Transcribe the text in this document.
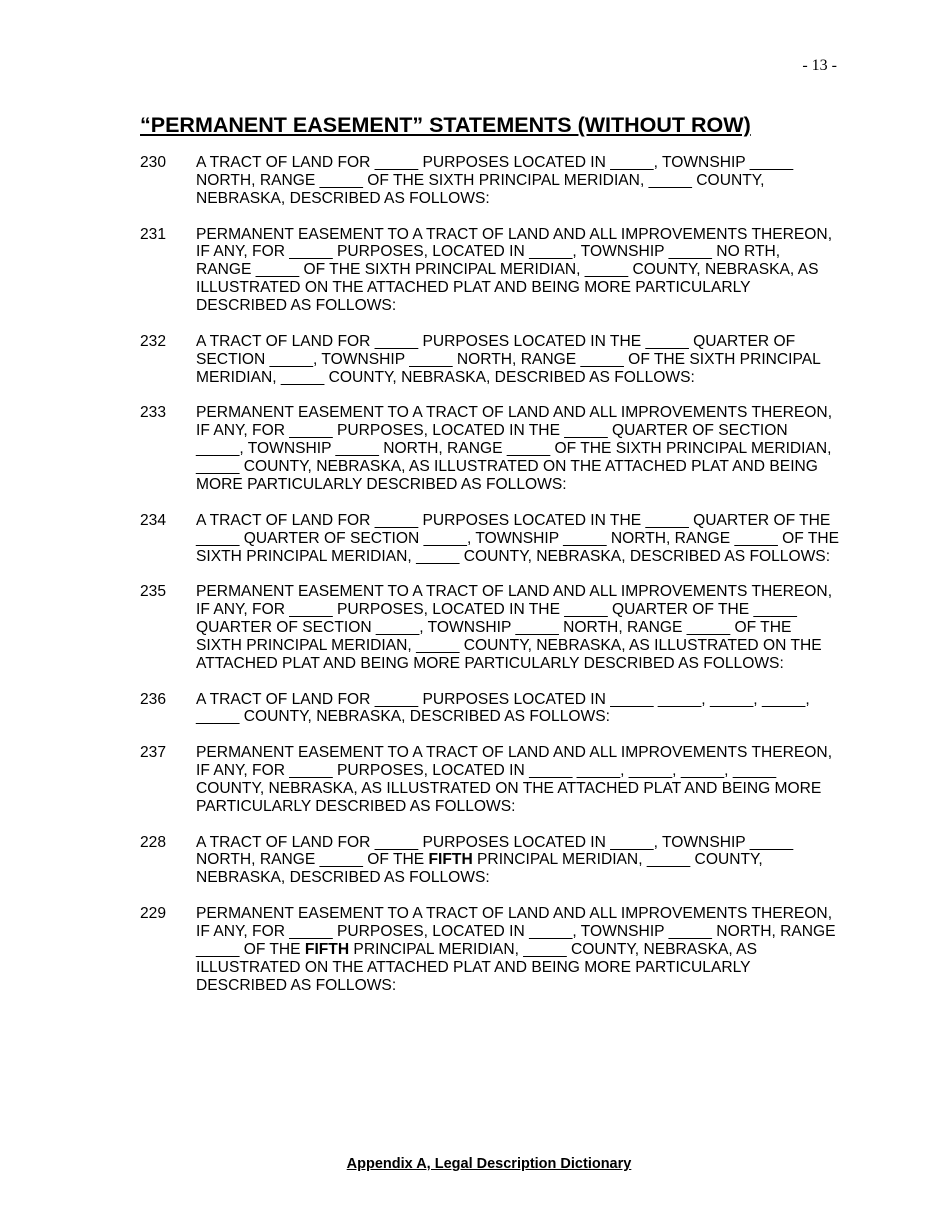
- 13 -
“PERMANENT EASEMENT” STATEMENTS (WITHOUT ROW)
230	A TRACT OF LAND FOR _____ PURPOSES LOCATED IN _____, TOWNSHIP _____
NORTH, RANGE _____ OF THE SIXTH PRINCIPAL MERIDIAN, _____ COUNTY,
NEBRASKA, DESCRIBED AS FOLLOWS:
231	PERMANENT EASEMENT TO A TRACT OF LAND AND ALL IMPROVEMENTS THEREON,
IF ANY, FOR _____ PURPOSES, LOCATED IN _____, TOWNSHIP _____ NO RTH,
RANGE _____ OF THE SIXTH PRINCIPAL MERIDIAN, _____ COUNTY, NEBRASKA, AS
ILLUSTRATED ON THE ATTACHED PLAT AND BEING MORE PARTICULARLY
DESCRIBED AS FOLLOWS:
232	A TRACT OF LAND FOR _____ PURPOSES LOCATED IN THE _____ QUARTER OF
SECTION _____, TOWNSHIP _____ NORTH, RANGE _____ OF THE SIXTH PRINCIPAL
MERIDIAN, _____ COUNTY, NEBRASKA, DESCRIBED AS FOLLOWS:
233	PERMANENT EASEMENT TO A TRACT OF LAND AND ALL IMPROVEMENTS THEREON,
IF ANY, FOR _____ PURPOSES, LOCATED IN THE _____ QUARTER OF SECTION
_____, TOWNSHIP _____ NORTH, RANGE _____ OF THE SIXTH PRINCIPAL MERIDIAN,
_____ COUNTY, NEBRASKA, AS ILLUSTRATED ON THE ATTACHED PLAT AND BEING
MORE PARTICULARLY DESCRIBED AS FOLLOWS:
234	A TRACT OF LAND FOR _____ PURPOSES LOCATED IN THE _____ QUARTER OF THE
_____ QUARTER OF SECTION _____, TOWNSHIP _____ NORTH, RANGE _____ OF THE
SIXTH PRINCIPAL MERIDIAN, _____ COUNTY, NEBRASKA, DESCRIBED AS FOLLOWS:
235	PERMANENT EASEMENT TO A TRACT OF LAND AND ALL IMPROVEMENTS THEREON,
IF ANY, FOR _____ PURPOSES, LOCATED IN THE _____ QUARTER OF THE _____
QUARTER OF SECTION _____, TOWNSHIP _____ NORTH, RANGE _____ OF THE
SIXTH PRINCIPAL MERIDIAN, _____ COUNTY, NEBRASKA, AS ILLUSTRATED ON THE
ATTACHED PLAT AND BEING MORE PARTICULARLY DESCRIBED AS FOLLOWS:
236	A TRACT OF LAND FOR _____ PURPOSES LOCATED IN _____ _____, _____, _____,
_____ COUNTY, NEBRASKA, DESCRIBED AS FOLLOWS:
237	PERMANENT EASEMENT TO A TRACT OF LAND AND ALL IMPROVEMENTS THEREON,
IF ANY, FOR _____ PURPOSES, LOCATED IN _____ _____, _____, _____, _____
COUNTY, NEBRASKA, AS ILLUSTRATED ON THE ATTACHED PLAT AND BEING MORE
PARTICULARLY DESCRIBED AS FOLLOWS:
228	A TRACT OF LAND FOR _____ PURPOSES LOCATED IN _____, TOWNSHIP _____
NORTH, RANGE _____ OF THE FIFTH PRINCIPAL MERIDIAN, _____ COUNTY,
NEBRASKA, DESCRIBED AS FOLLOWS:
229	PERMANENT EASEMENT TO A TRACT OF LAND AND ALL IMPROVEMENTS THEREON,
IF ANY, FOR _____ PURPOSES, LOCATED IN _____, TOWNSHIP _____ NORTH, RANGE
_____ OF THE FIFTH PRINCIPAL MERIDIAN, _____ COUNTY, NEBRASKA, AS
ILLUSTRATED ON THE ATTACHED PLAT AND BEING MORE PARTICULARLY
DESCRIBED AS FOLLOWS:
Appendix A, Legal Description Dictionary
